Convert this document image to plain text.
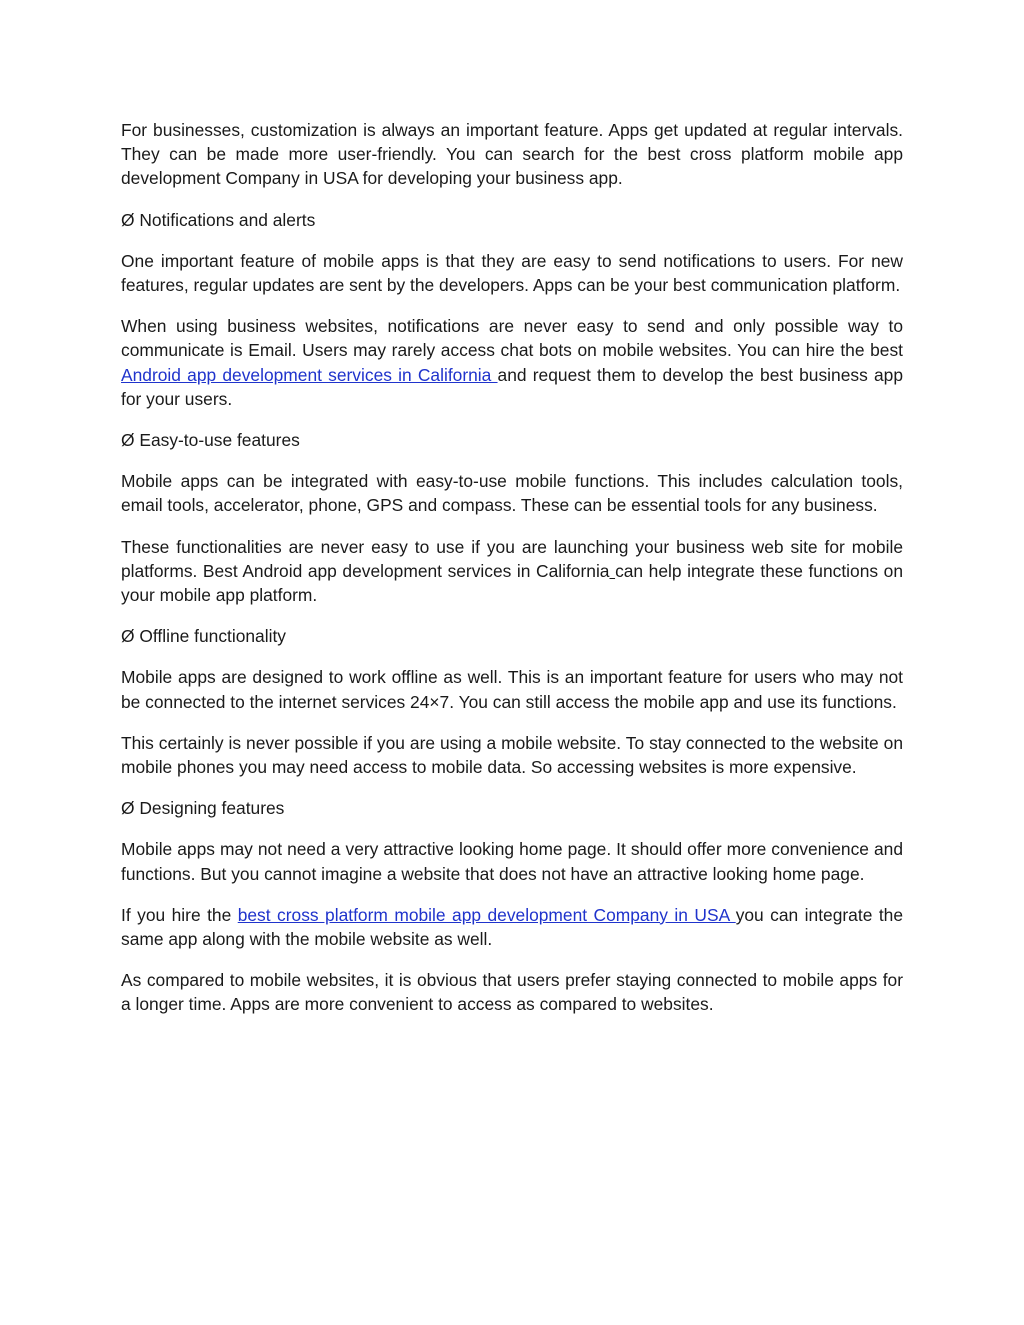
For businesses, customization is always an important feature. Apps get updated at regular intervals. They can be made more user-friendly. You can search for the best cross platform mobile app development Company in USA for developing your business app.

Ø Notifications and alerts

One important feature of mobile apps is that they are easy to send notifications to users. For new features, regular updates are sent by the developers. Apps can be your best communication platform.

When using business websites, notifications are never easy to send and only possible way to communicate is Email. Users may rarely access chat bots on mobile websites. You can hire the best Android app development services in California and request them to develop the best business app for your users.

Ø Easy-to-use features

Mobile apps can be integrated with easy-to-use mobile functions. This includes calculation tools, email tools, accelerator, phone, GPS and compass. These can be essential tools for any business.

These functionalities are never easy to use if you are launching your business web site for mobile platforms. Best Android app development services in California can help integrate these functions on your mobile app platform.

Ø Offline functionality

Mobile apps are designed to work offline as well. This is an important feature for users who may not be connected to the internet services 24×7. You can still access the mobile app and use its functions.

This certainly is never possible if you are using a mobile website. To stay connected to the website on mobile phones you may need access to mobile data. So accessing websites is more expensive.

Ø Designing features

Mobile apps may not need a very attractive looking home page. It should offer more convenience and functions. But you cannot imagine a website that does not have an attractive looking home page.

If you hire the best cross platform mobile app development Company in USA you can integrate the same app along with the mobile website as well.

As compared to mobile websites, it is obvious that users prefer staying connected to mobile apps for a longer time. Apps are more convenient to access as compared to websites.
